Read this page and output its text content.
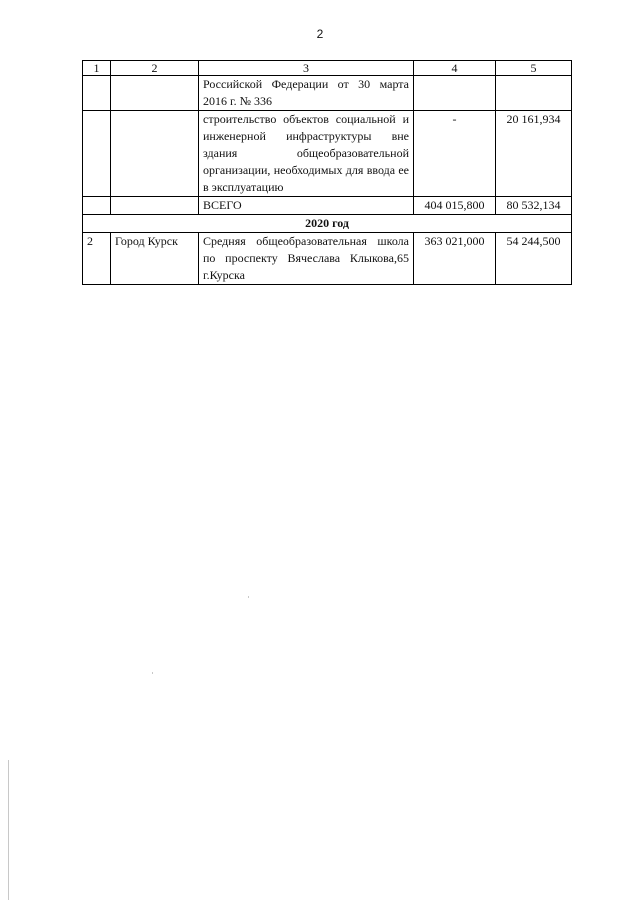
2
1	2	3	4	5
		Российской Федерации от 30 марта 2016 г. № 336		
		строительство объектов социальной и инженерной инфраструктуры вне здания общеобразовательной организации, необходимых для ввода ее в эксплуатацию	-	20 161,934
		ВСЕГО	404 015,800	80 532,134
2020 год				
2	Город Курск	Средняя общеобразовательная школа по проспекту Вячеслава Клыкова,65 г.Курска	363 021,000	54 244,500
